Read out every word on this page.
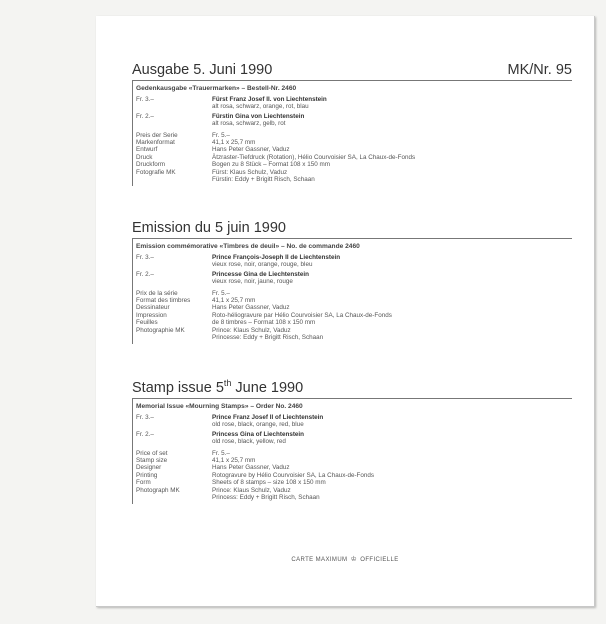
Ausgabe 5. Juni 1990	MK/Nr. 95
Gedenkausgabe «Trauermarken» – Bestell-Nr. 2460
Fr. 3.–	Fürst Franz Josef II. von Liechtenstein
alt rosa, schwarz, orange, rot, blau
Fr. 2.–	Fürstin Gina von Liechtenstein
alt rosa, schwarz, gelb, rot
Preis der Serie	Fr. 5.–
Markenformat	41,1 x 25,7 mm
Entwurf	Hans Peter Gassner, Vaduz
Druck	Ätzraster-Tiefdruck (Rotation), Hélio Courvoisier SA, La Chaux-de-Fonds
Druckform	Bogen zu 8 Stück – Format 108 x 150 mm
Fotografie MK	Fürst: Klaus Schulz, Vaduz
Fürstin: Eddy + Brigitt Risch, Schaan
Emission du 5 juin 1990
Emission commémorative «Timbres de deuil» – No. de commande 2460
Fr. 3.–	Prince François-Joseph II de Liechtenstein
vieux rose, noir, orange, rouge, bleu
Fr. 2.–	Princesse Gina de Liechtenstein
vieux rose, noir, jaune, rouge
Prix de la série	Fr. 5.–
Format des timbres	41,1 x 25,7 mm
Dessinateur	Hans Peter Gassner, Vaduz
Impression	Roto-héliogravure par Hélio Courvoisier SA, La Chaux-de-Fonds
Feuilles	de 8 timbres – Format 108 x 150 mm
Photographie MK	Prince: Klaus Schulz, Vaduz
Princesse: Eddy + Brigitt Risch, Schaan
Stamp issue 5th June 1990
Memorial Issue «Mourning Stamps» – Order No. 2460
Fr. 3.–	Prince Franz Josef II of Liechtenstein
old rose, black, orange, red, blue
Fr. 2.–	Princess Gina of Liechtenstein
old rose, black, yellow, red
Price of set	Fr. 5.–
Stamp size	41,1 x 25,7 mm
Designer	Hans Peter Gassner, Vaduz
Printing	Rotogravure by Hélio Courvoisier SA, La Chaux-de-Fonds
Form	Sheets of 8 stamps – size 108 x 150 mm
Photograph MK	Prince: Klaus Schulz, Vaduz
Princess: Eddy + Brigitt Risch, Schaan
CARTE MAXIMUM ♔ OFFICIELLE
